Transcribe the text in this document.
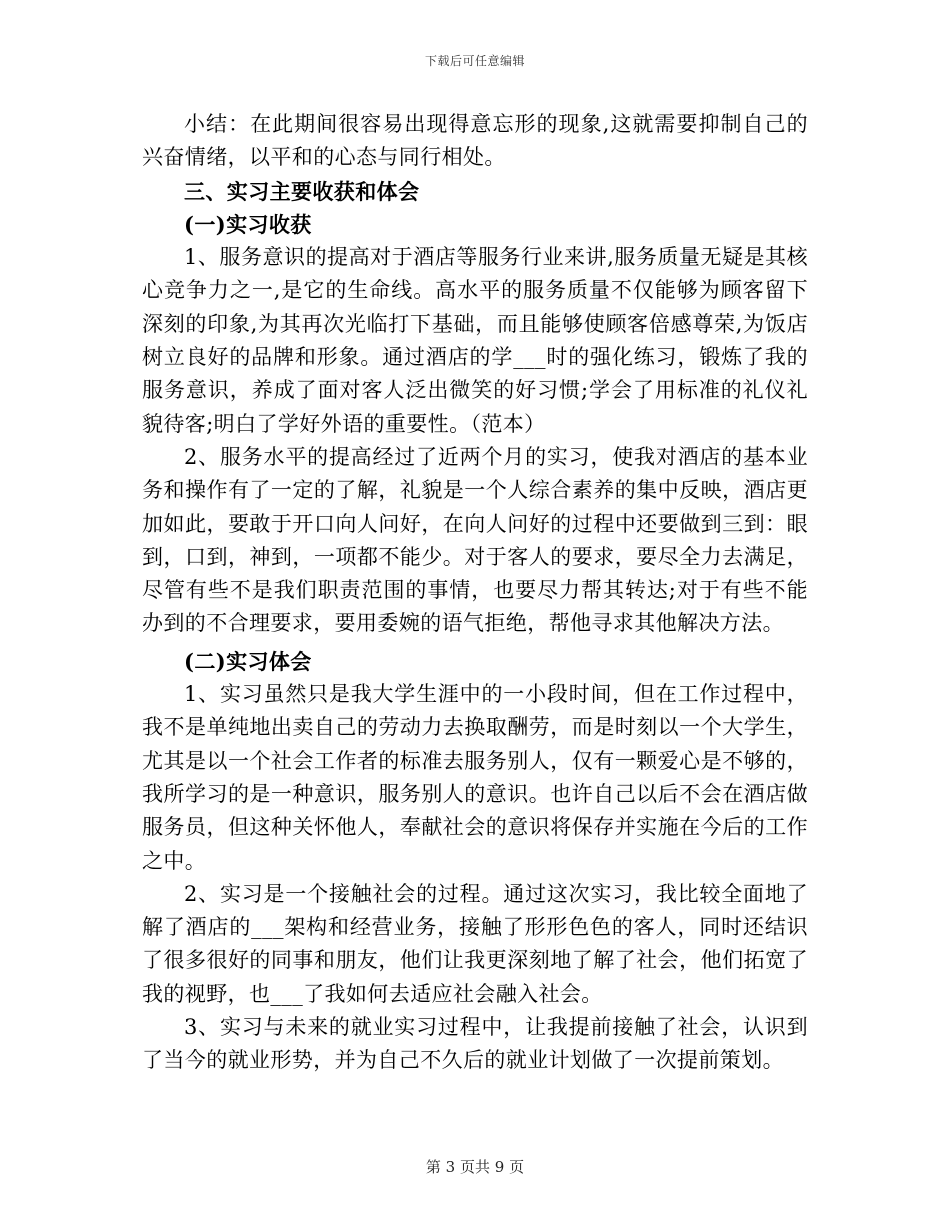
下载后可任意编辑

小结：在此期间很容易出现得意忘形的现象,这就需要抑制自己的兴奋情绪，以平和的心态与同行相处。

三、实习主要收获和体会

(一)实习收获

1、服务意识的提高对于酒店等服务行业来讲,服务质量无疑是其核心竞争力之一,是它的生命线。高水平的服务质量不仅能够为顾客留下深刻的印象,为其再次光临打下基础，而且能够使顾客倍感尊荣,为饭店树立良好的品牌和形象。通过酒店的学___时的强化练习，锻炼了我的服务意识，养成了面对客人泛出微笑的好习惯;学会了用标准的礼仪礼貌待客;明白了学好外语的重要性。（范本）

2、服务水平的提高经过了近两个月的实习，使我对酒店的基本业务和操作有了一定的了解，礼貌是一个人综合素养的集中反映，酒店更加如此，要敢于开口向人问好，在向人问好的过程中还要做到三到：眼到，口到，神到，一项都不能少。对于客人的要求，要尽全力去满足，尽管有些不是我们职责范围的事情，也要尽力帮其转达;对于有些不能办到的不合理要求，要用委婉的语气拒绝，帮他寻求其他解决方法。

(二)实习体会

1、实习虽然只是我大学生涯中的一小段时间，但在工作过程中，我不是单纯地出卖自己的劳动力去换取酬劳，而是时刻以一个大学生，尤其是以一个社会工作者的标准去服务别人，仅有一颗爱心是不够的，我所学习的是一种意识，服务别人的意识。也许自己以后不会在酒店做服务员，但这种关怀他人，奉献社会的意识将保存并实施在今后的工作之中。

2、实习是一个接触社会的过程。通过这次实习，我比较全面地了解了酒店的___架构和经营业务，接触了形形色色的客人，同时还结识了很多很好的同事和朋友，他们让我更深刻地了解了社会，他们拓宽了我的视野，也___了我如何去适应社会融入社会。

3、实习与未来的就业实习过程中，让我提前接触了社会，认识到了当今的就业形势，并为自己不久后的就业计划做了一次提前策划。

第 3 页共 9 页
